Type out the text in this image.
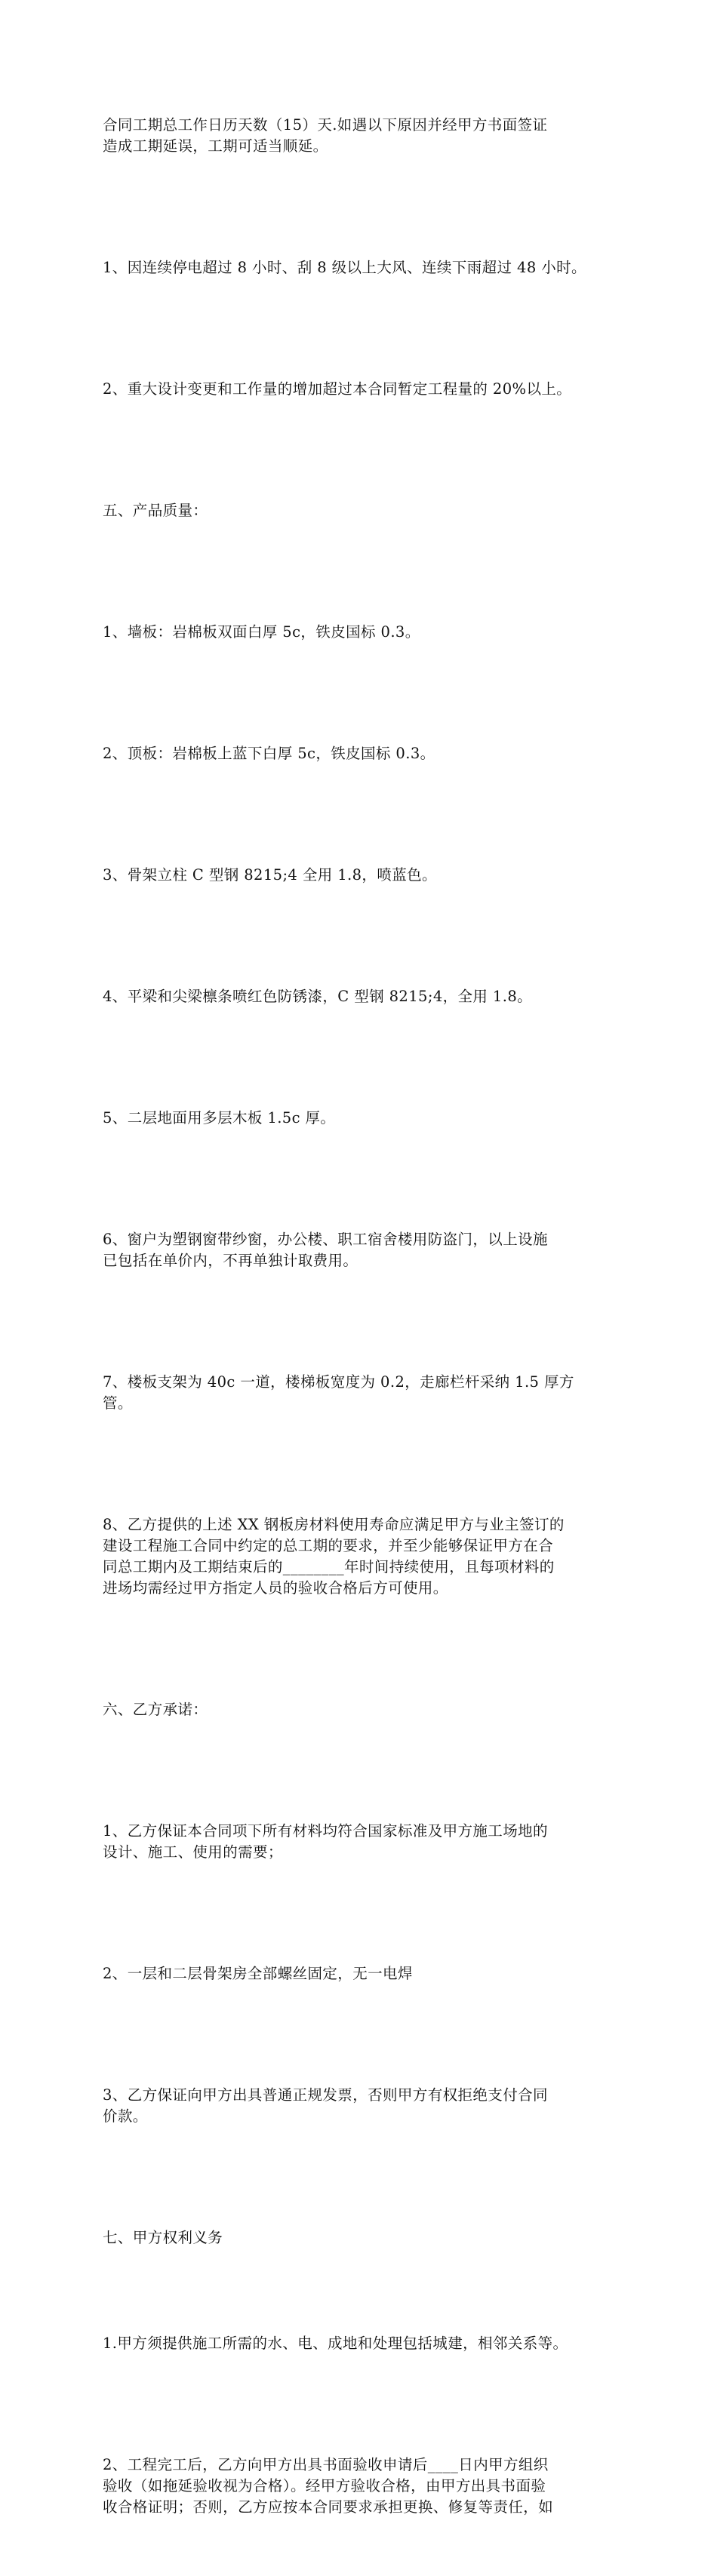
合同工期总工作日历天数（15）天.如遇以下原因并经甲方书面签证
造成工期延误，工期可适当顺延。

1、因连续停电超过 8 小时、刮 8 级以上大风、连续下雨超过 48 小时。

2、重大设计变更和工作量的增加超过本合同暂定工程量的 20%以上。

五、产品质量：

1、墙板：岩棉板双面白厚 5c，铁皮国标 0.3。

2、顶板：岩棉板上蓝下白厚 5c，铁皮国标 0.3。

3、骨架立柱 C 型钢 8215;4 全用 1.8，喷蓝色。

4、平梁和尖梁檩条喷红色防锈漆，C 型钢 8215;4，全用 1.8。

5、二层地面用多层木板 1.5c 厚。

6、窗户为塑钢窗带纱窗，办公楼、职工宿舍楼用防盗门，以上设施
已包括在单价内，不再单独计取费用。

7、楼板支架为 40c 一道，楼梯板宽度为 0.2，走廊栏杆采纳 1.5 厚方
管。

8、乙方提供的上述 XX 钢板房材料使用寿命应满足甲方与业主签订的
建设工程施工合同中约定的总工期的要求，并至少能够保证甲方在合
同总工期内及工期结束后的________年时间持续使用，且每项材料的
进场均需经过甲方指定人员的验收合格后方可使用。

六、乙方承诺：

1、乙方保证本合同项下所有材料均符合国家标准及甲方施工场地的
设计、施工、使用的需要；

2、一层和二层骨架房全部螺丝固定，无一电焊

3、乙方保证向甲方出具普通正规发票，否则甲方有权拒绝支付合同
价款。

七、甲方权利义务

1.甲方须提供施工所需的水、电、成地和处理包括城建，相邻关系等。

2、工程完工后，乙方向甲方出具书面验收申请后____日内甲方组织
验收（如拖延验收视为合格）。经甲方验收合格，由甲方出具书面验
收合格证明；否则，乙方应按本合同要求承担更换、修复等责任，如
